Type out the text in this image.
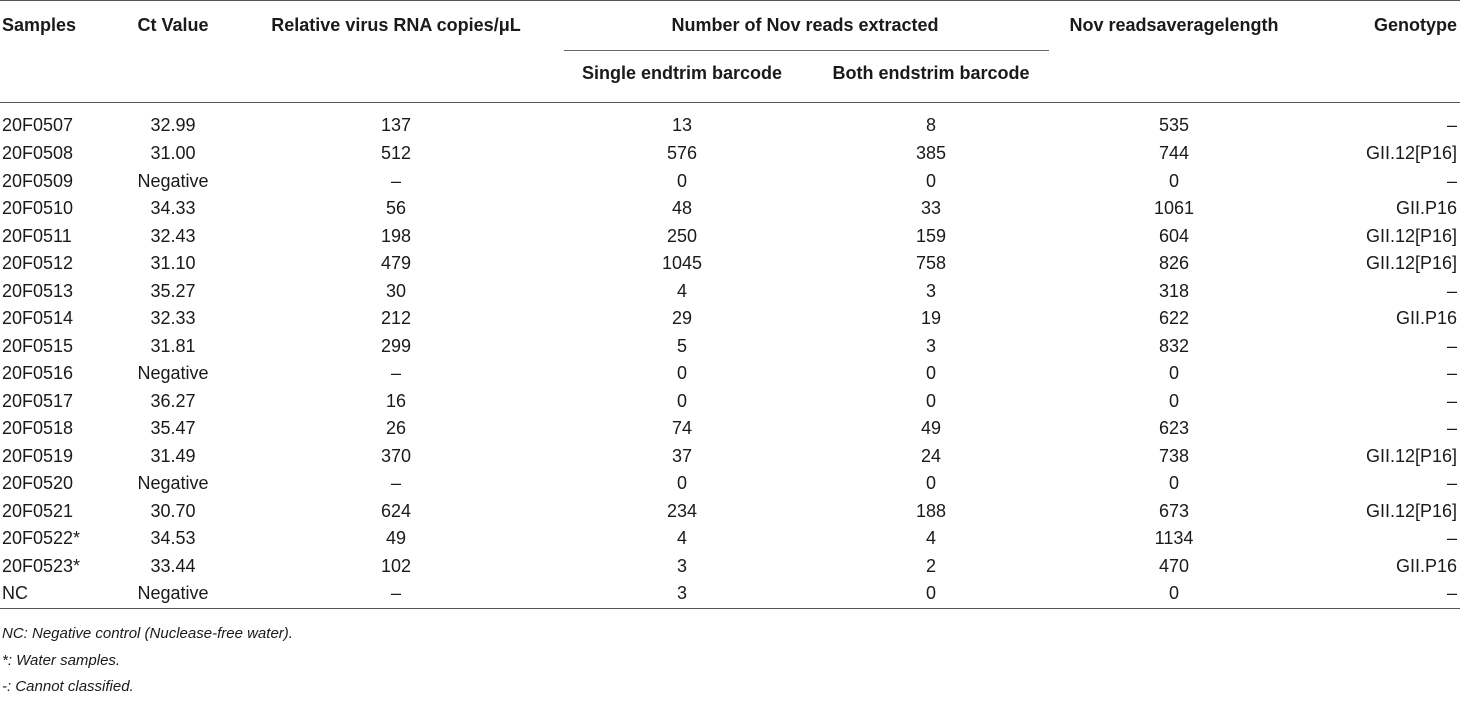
Samples	Ct Value	Relative virus RNA copies/μL	Number of Nov reads extracted		Nov readsaveragelength	Genotype
			Single endtrim barcode	Both endstrim barcode		
20F0507	32.99	137	13	8	535	–
20F0508	31.00	512	576	385	744	GII.12[P16]
20F0509	Negative	–	0	0	0	–
20F0510	34.33	56	48	33	1061	GII.P16
20F0511	32.43	198	250	159	604	GII.12[P16]
20F0512	31.10	479	1045	758	826	GII.12[P16]
20F0513	35.27	30	4	3	318	–
20F0514	32.33	212	29	19	622	GII.P16
20F0515	31.81	299	5	3	832	–
20F0516	Negative	–	0	0	0	–
20F0517	36.27	16	0	0	0	–
20F0518	35.47	26	74	49	623	–
20F0519	31.49	370	37	24	738	GII.12[P16]
20F0520	Negative	–	0	0	0	–
20F0521	30.70	624	234	188	673	GII.12[P16]
20F0522*	34.53	49	4	4	1134	–
20F0523*	33.44	102	3	2	470	GII.P16
NC	Negative	–	3	0	0	–
NC: Negative control (Nuclease-free water).
*: Water samples.
-: Cannot classified.
